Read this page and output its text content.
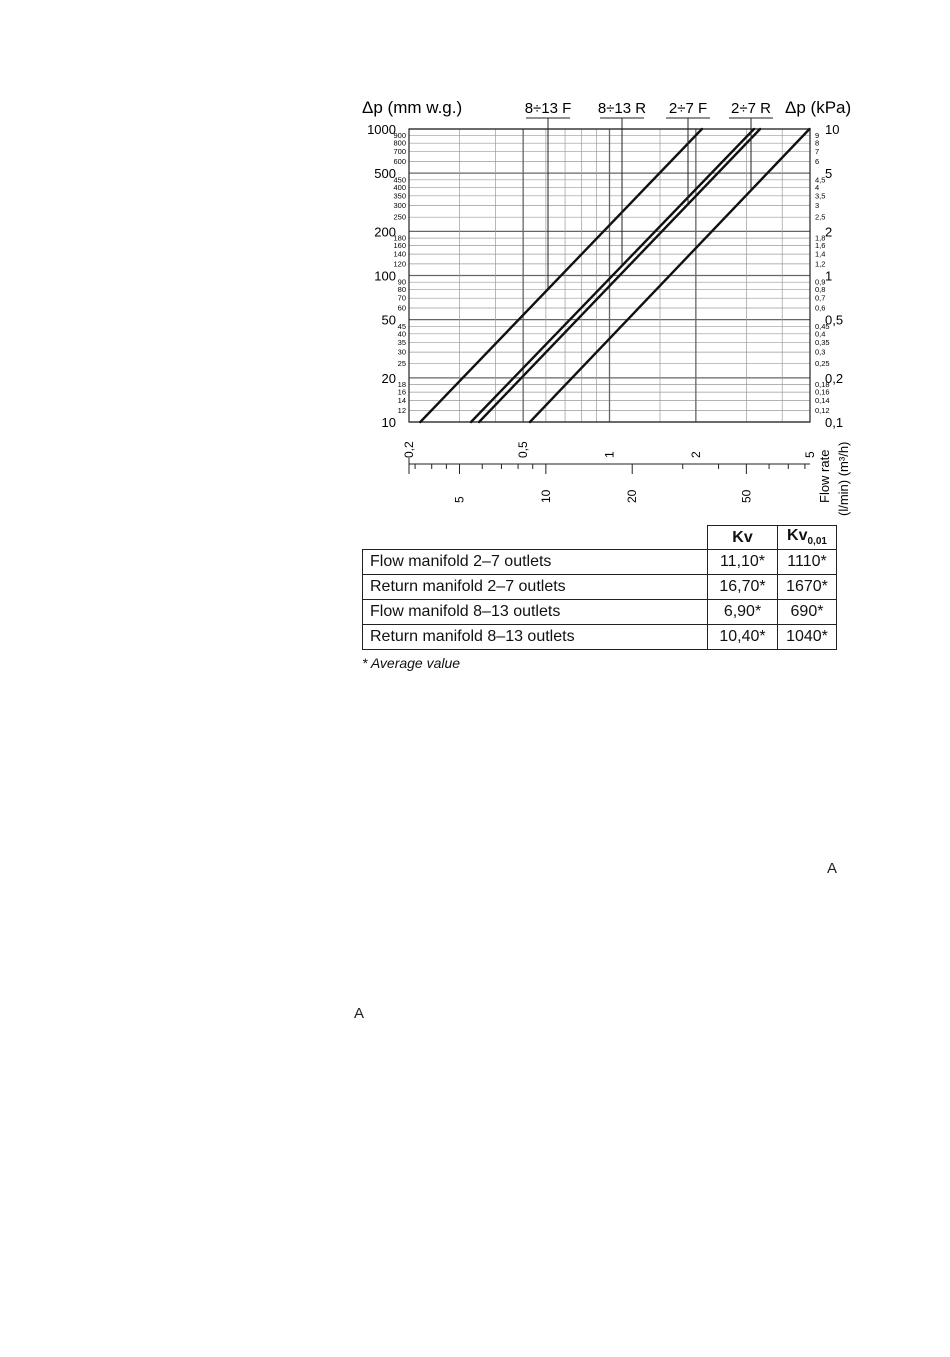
1000
500
200
100
50
20
10
900
800
700
600
450
400
350
300
250
180
160
140
120
90
80
70
60
45
40
35
30
25
18
16
14
12
10
5
2
1
0,5
0,2
0,1
9
8
7
6
4,5
4
3,5
3
2,5
1,8
1,6
1,4
1,2
0,9
0,8
0,7
0,6
0,45
0,4
0,35
0,3
0,25
0,18
0,16
0,14
0,12
0,2	0,5	1	2	5
5	10	20	50
8÷13 F 8÷13 R 2÷7 F 2÷7 R
Δp (mm w.g.)	Δp (kPa)
Flow rate (l/min) (m³/h)
	Kv	$Kv_{0,01}$
Flow manifold 2–7 outlets	11,10*	1110*
Return manifold 2–7 outlets	16,70*	1670*
Flow manifold 8–13 outlets	6,90*	690*
Return manifold 8–13 outlets	10,40*	1040*
* Average value
A
A
